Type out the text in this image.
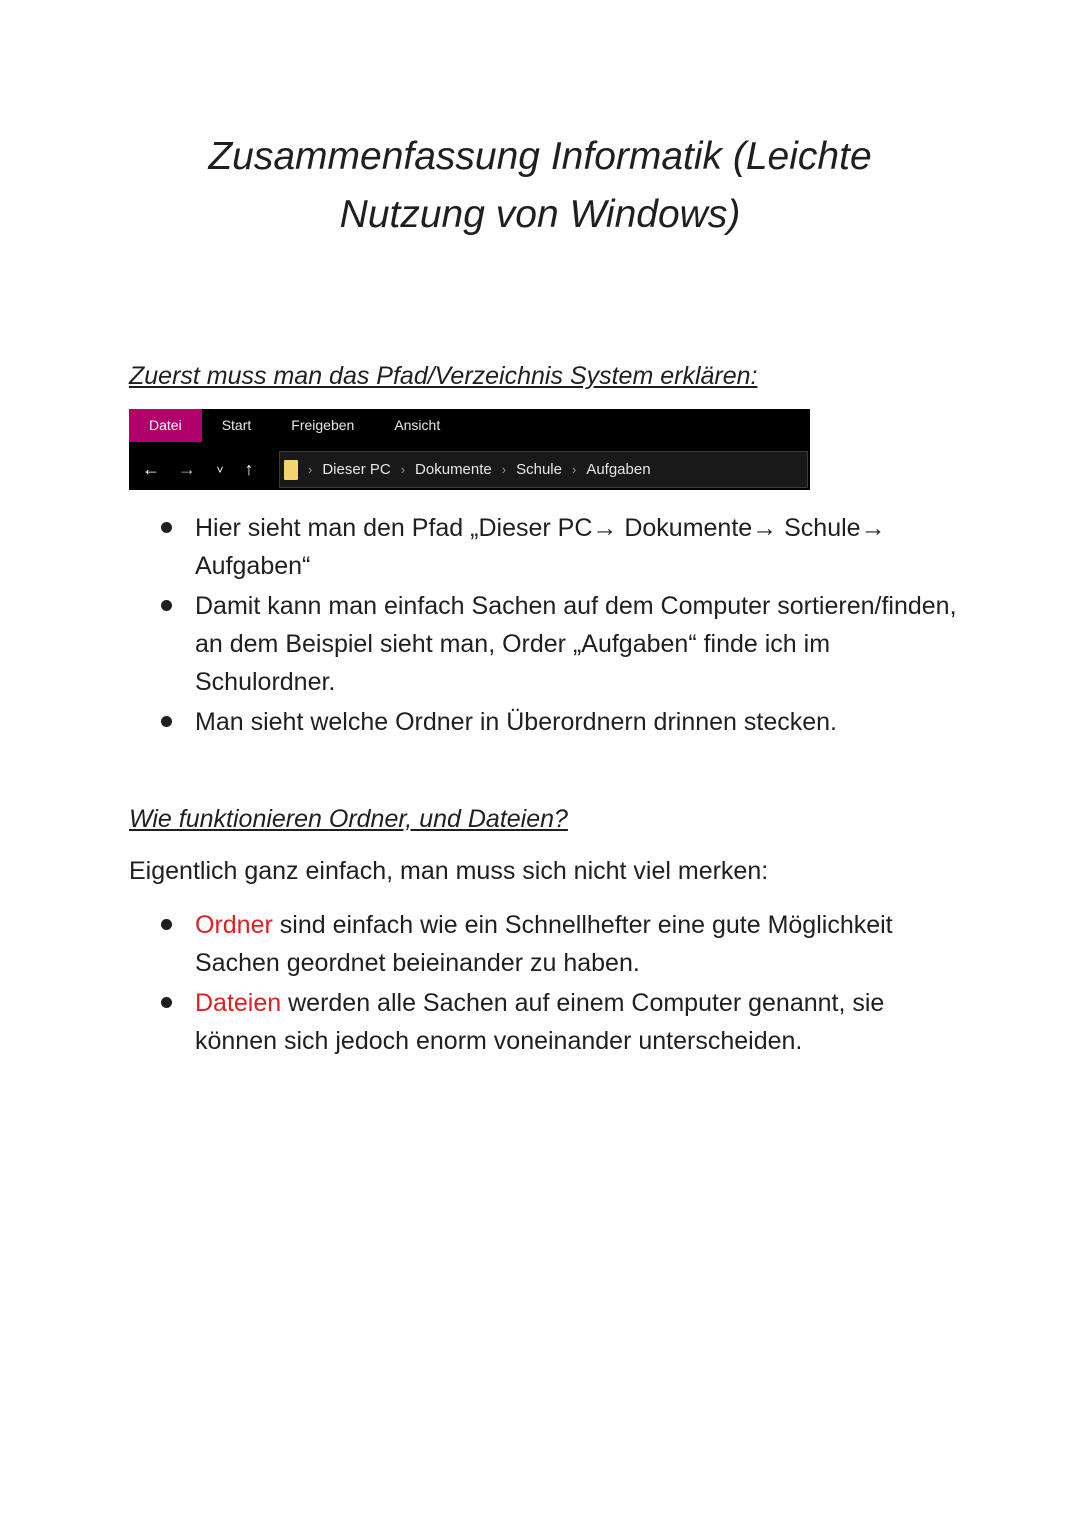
Zusammenfassung Informatik (Leichte
Nutzung von Windows)
Zuerst muss man das Pfad/Verzeichnis System erklären:
Datei	Start	Freigeben	Ansicht
← →	˅	↑	› Dieser PC › Dokumente › Schule › Aufgaben
Hier sieht man den Pfad „Dieser PC→ Dokumente→ Schule→ Aufgaben“
Damit kann man einfach Sachen auf dem Computer sortieren/finden, an dem Beispiel sieht man, Order „Aufgaben“ finde ich im Schulordner.
Man sieht welche Ordner in Überordnern drinnen stecken.
Wie funktionieren Ordner, und Dateien?
Eigentlich ganz einfach, man muss sich nicht viel merken:
Ordner sind einfach wie ein Schnellhefter eine gute Möglichkeit Sachen geordnet beieinander zu haben.
Dateien werden alle Sachen auf einem Computer genannt, sie können sich jedoch enorm voneinander unterscheiden.
